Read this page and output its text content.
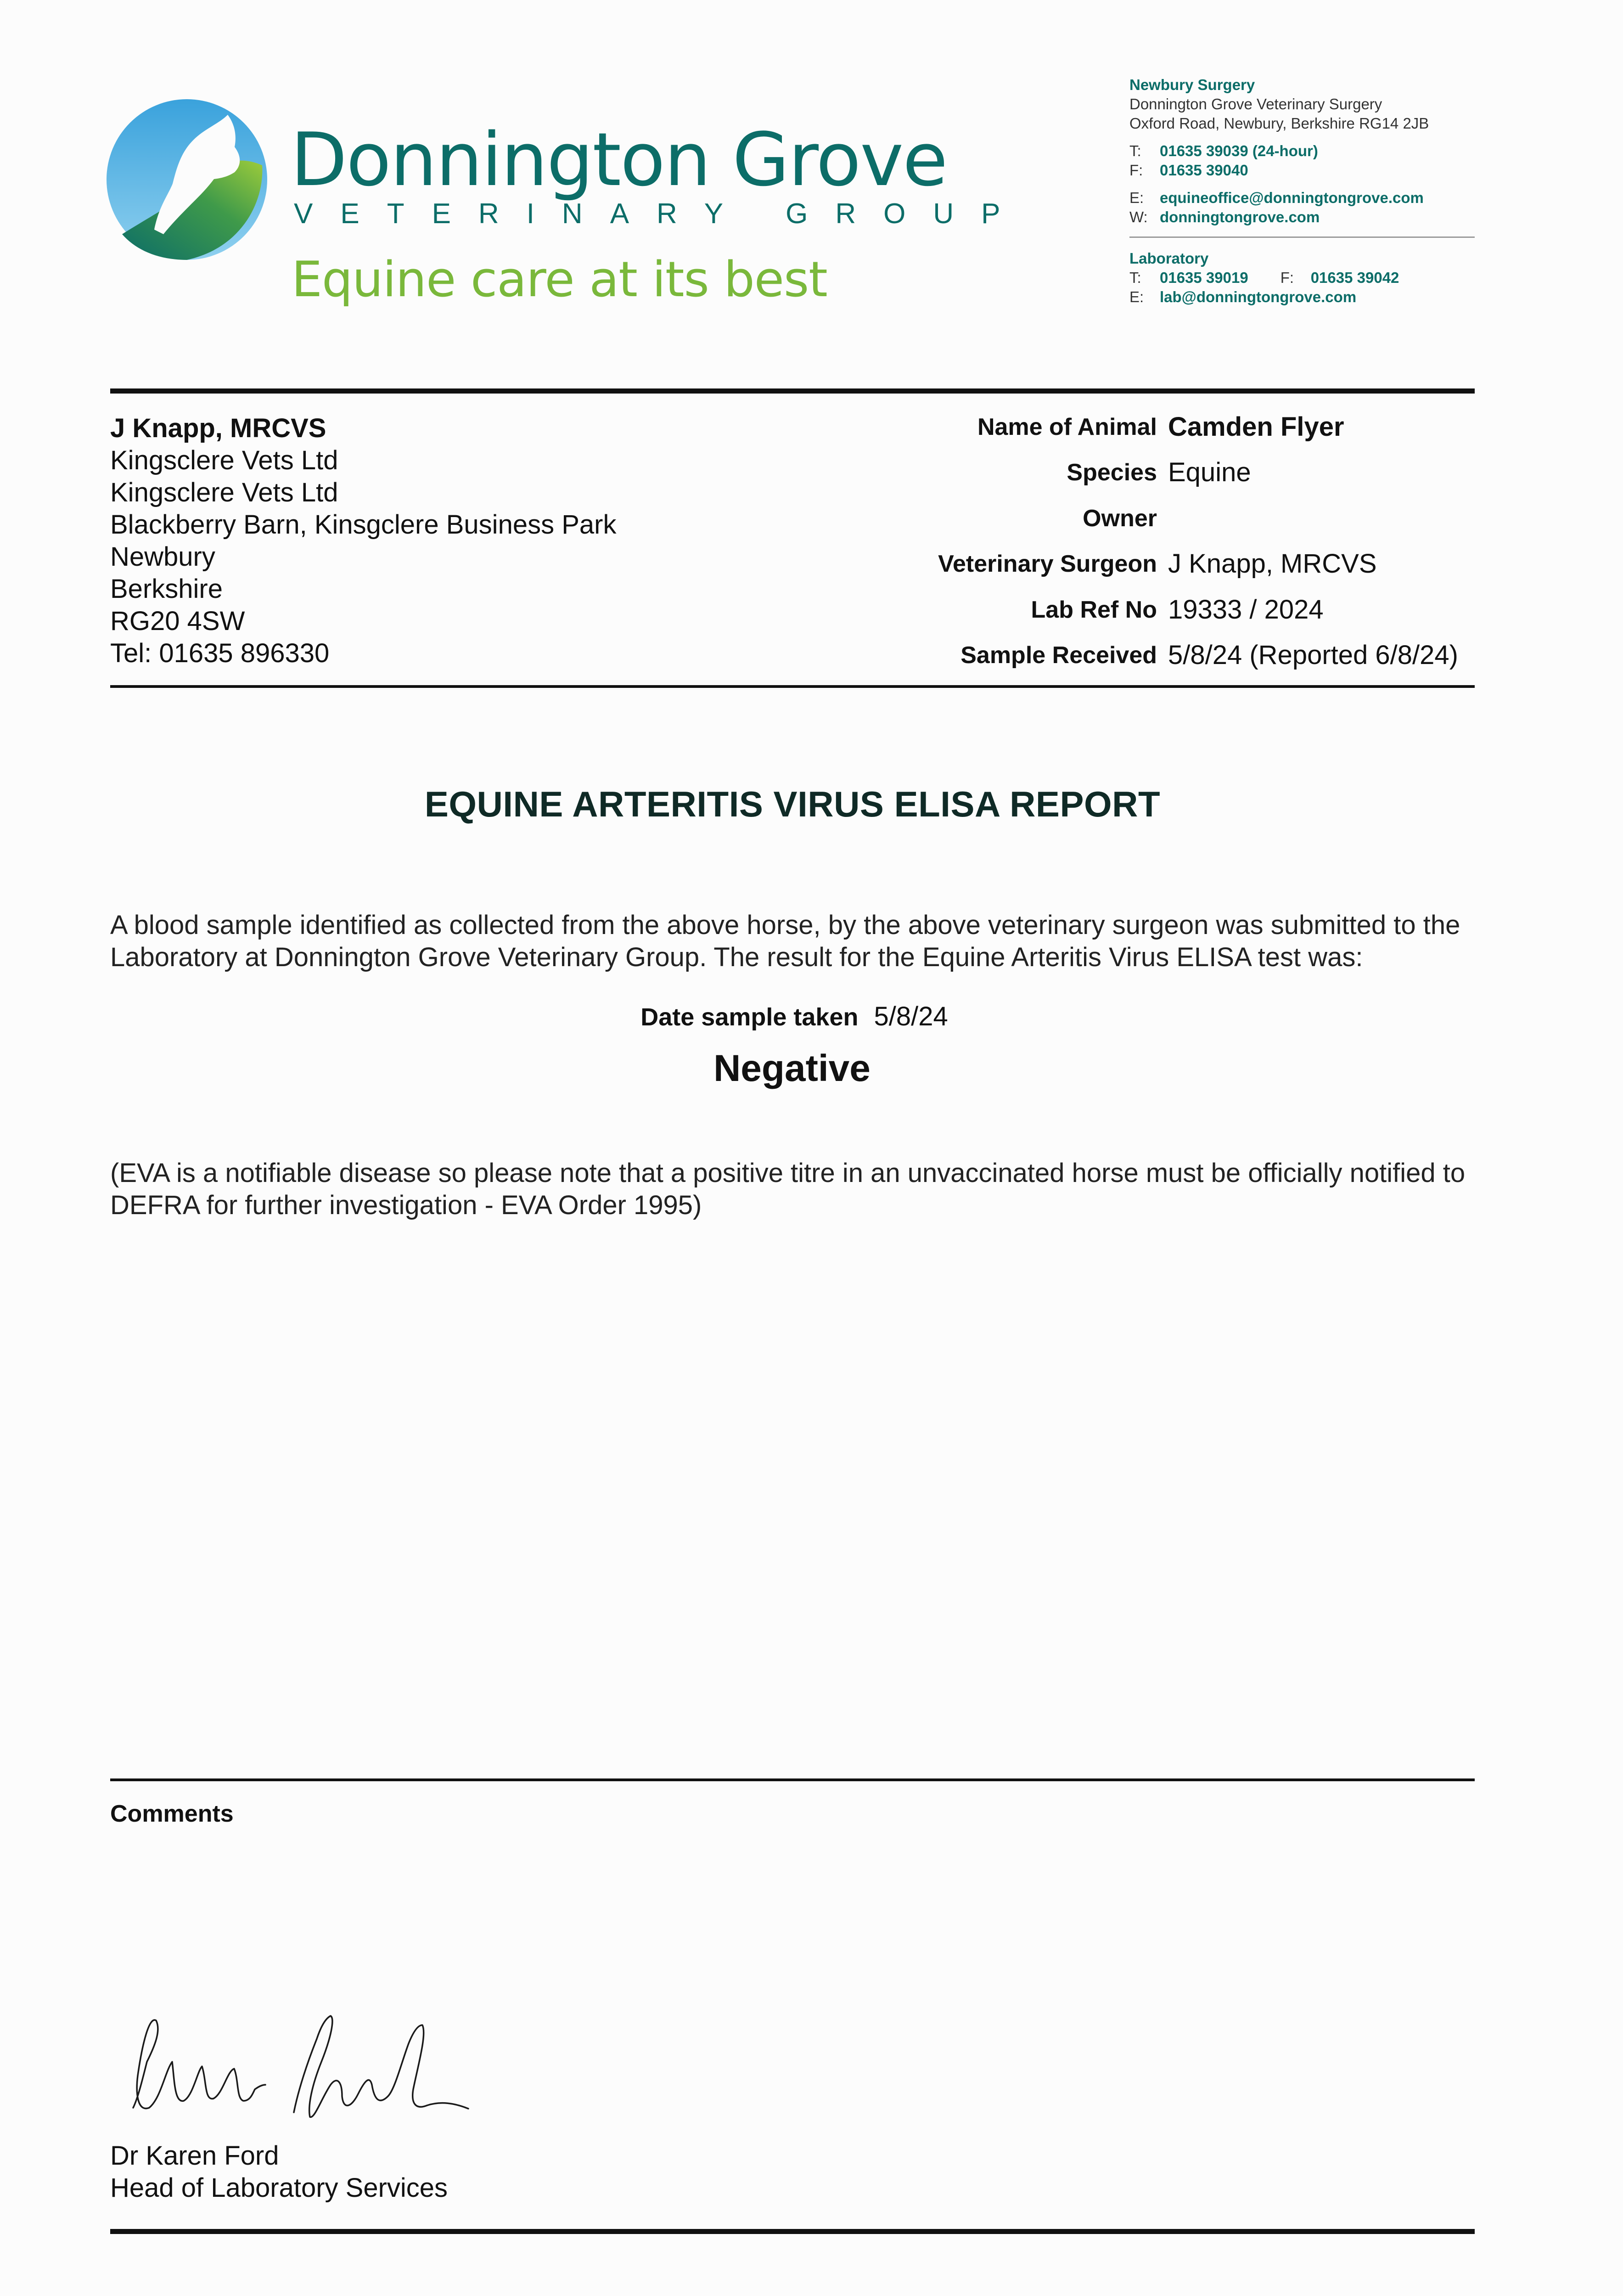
Donnington Grove
VETERINARY GROUP
Equine care at its best
Newbury Surgery
Donnington Grove Veterinary Surgery
Oxford Road, Newbury, Berkshire RG14 2JB
T: 01635 39039 (24-hour)
F: 01635 39040
E: equineoffice@donningtongrove.com
W: donningtongrove.com
Laboratory
T: 01635 39019 F: 01635 39042
E: lab@donningtongrove.com
J Knapp, MRCVS
Kingsclere Vets Ltd
Kingsclere Vets Ltd
Blackberry Barn, Kinsgclere Business Park
Newbury
Berkshire
RG20 4SW
Tel: 01635 896330
Name of Animal Camden Flyer
Species Equine
Owner
Veterinary Surgeon J Knapp, MRCVS
Lab Ref No 19333 / 2024
Sample Received 5/8/24 (Reported 6/8/24)
EQUINE ARTERITIS VIRUS ELISA REPORT
A blood sample identified as collected from the above horse, by the above veterinary surgeon was submitted to the Laboratory at Donnington Grove Veterinary Group. The result for the Equine Arteritis Virus ELISA test was:
Date sample taken 5/8/24
Negative
(EVA is a notifiable disease so please note that a positive titre in an unvaccinated horse must be officially notified to DEFRA for further investigation - EVA Order 1995)
Comments
Dr Karen Ford
Head of Laboratory Services
